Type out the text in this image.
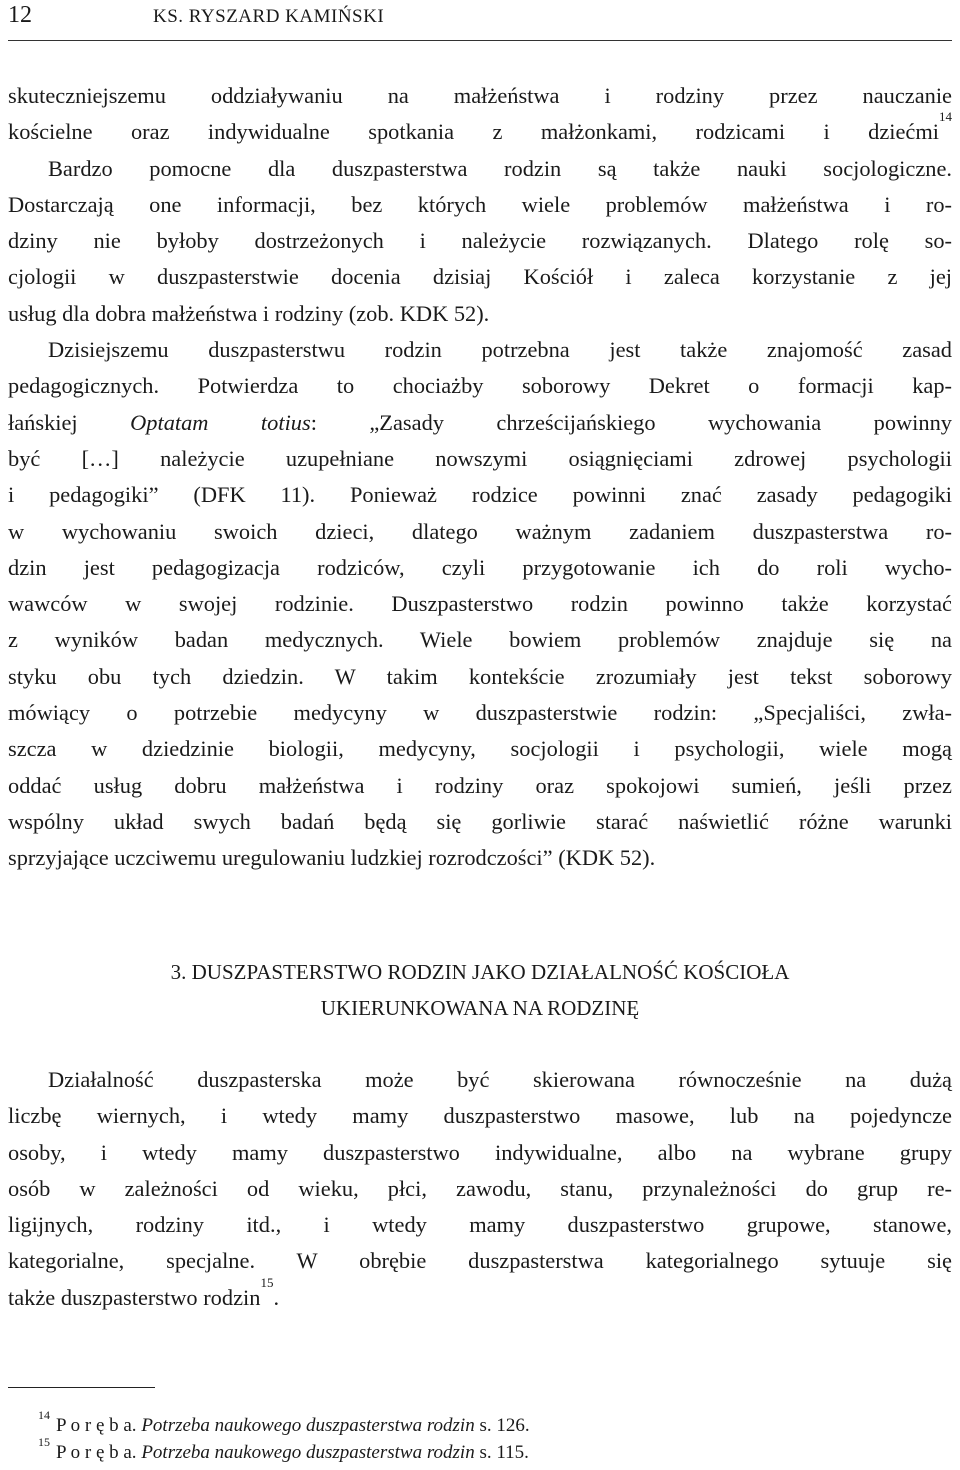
12	KS. RYSZARD KAMIŃSKI
skuteczniejszemu oddziaływaniu na małżeństwa i rodziny przez nauczanie
kościelne oraz indywidualne spotkania z małżonkami, rodzicami i dziećmi$^{14}$
Bardzo pomocne dla duszpasterstwa rodzin są także nauki socjologiczne.
Dostarczają one informacji, bez których wiele problemów małżeństwa i ro-
dziny nie byłoby dostrzeżonych i należycie rozwiązanych. Dlatego rolę so-
cjologii w duszpasterstwie docenia dzisiaj Kościół i zaleca korzystanie z jej
usług dla dobra małżeństwa i rodziny (zob. KDK 52).
Dzisiejszemu duszpasterstwu rodzin potrzebna jest także znajomość zasad
pedagogicznych. Potwierdza to chociażby soborowy Dekret o formacji kap-
łańskiej Optatam totius: „Zasady chrześcijańskiego wychowania powinny
być […] należycie uzupełniane nowszymi osiągnięciami zdrowej psychologii
i pedagogiki” (DFK 11). Ponieważ rodzice powinni znać zasady pedagogiki
w wychowaniu swoich dzieci, dlatego ważnym zadaniem duszpasterstwa ro-
dzin jest pedagogizacja rodziców, czyli przygotowanie ich do roli wycho-
wawców w swojej rodzinie. Duszpasterstwo rodzin powinno także korzystać
z wyników badan medycznych. Wiele bowiem problemów znajduje się na
styku obu tych dziedzin. W takim kontekście zrozumiały jest tekst soborowy
mówiący o potrzebie medycyny w duszpasterstwie rodzin: „Specjaliści, zwła-
szcza w dziedzinie biologii, medycyny, socjologii i psychologii, wiele mogą
oddać usług dobru małżeństwa i rodziny oraz spokojowi sumień, jeśli przez
wspólny układ swych badań będą się gorliwie starać naświetlić różne warunki
sprzyjające uczciwemu uregulowaniu ludzkiej rozrodczości” (KDK 52).
3. DUSZPASTERSTWO RODZIN JAKO DZIAŁALNOŚĆ KOŚCIOŁA
UKIERUNKOWANA NA RODZINĘ
Działalność duszpasterska może być skierowana równocześnie na dużą
liczbę wiernych, i wtedy mamy duszpasterstwo masowe, lub na pojedyncze
osoby, i wtedy mamy duszpasterstwo indywidualne, albo na wybrane grupy
osób w zależności od wieku, płci, zawodu, stanu, przynależności do grup re-
ligijnych, rodziny itd., i wtedy mamy duszpasterstwo grupowe, stanowe,
kategorialne, specjalne. W obrębie duszpasterstwa kategorialnego sytuuje się
także duszpasterstwo rodzin$^{15}$.
$^{14}$ P o r ę b a. Potrzeba naukowego duszpasterstwa rodzin s. 126.
$^{15}$ P o r ę b a. Potrzeba naukowego duszpasterstwa rodzin s. 115.
